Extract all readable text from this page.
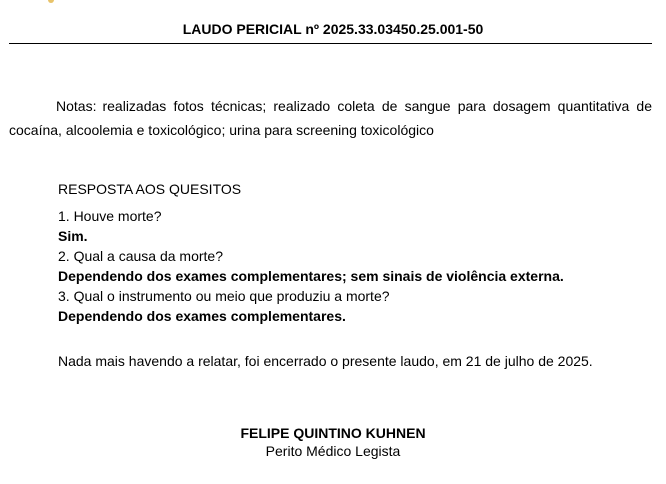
LAUDO PERICIAL nº 2025.33.03450.25.001-50
Notas: realizadas fotos técnicas; realizado coleta de sangue para dosagem quantitativa de cocaína, alcoolemia e toxicológico; urina para screening toxicológico
RESPOSTA AOS QUESITOS
1. Houve morte?
Sim.
2. Qual a causa da morte?
Dependendo dos exames complementares; sem sinais de violência externa.
3. Qual o instrumento ou meio que produziu a morte?
Dependendo dos exames complementares.
Nada mais havendo a relatar, foi encerrado o presente laudo, em 21 de julho de 2025.
FELIPE QUINTINO KUHNEN
Perito Médico Legista
